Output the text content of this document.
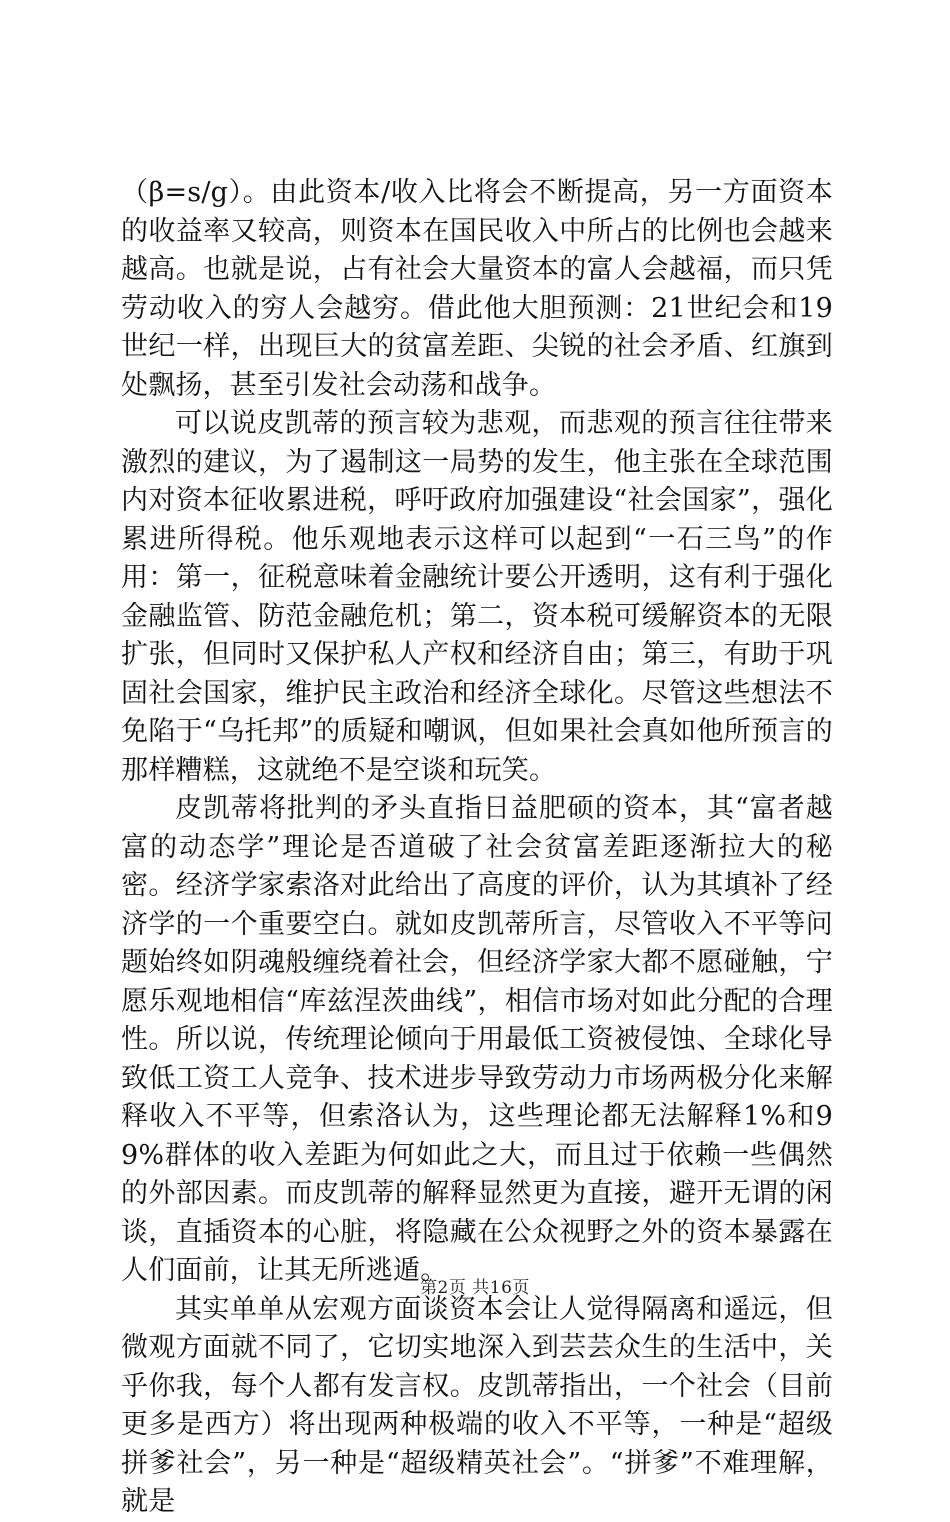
（β=s/g）。由此资本/收入比将会不断提高，另一方面资本的收益率又较高，则资本在国民收入中所占的比例也会越来越高。也就是说，占有社会大量资本的富人会越福，而只凭劳动收入的穷人会越穷。借此他大胆预测：21世纪会和19世纪一样，出现巨大的贫富差距、尖锐的社会矛盾、红旗到处飘扬，甚至引发社会动荡和战争。

可以说皮凯蒂的预言较为悲观，而悲观的预言往往带来激烈的建议，为了遏制这一局势的发生，他主张在全球范围内对资本征收累进税，呼吁政府加强建设“社会国家”，强化累进所得税。他乐观地表示这样可以起到“一石三鸟”的作用：第一，征税意味着金融统计要公开透明，这有利于强化金融监管、防范金融危机；第二，资本税可缓解资本的无限扩张，但同时又保护私人产权和经济自由；第三，有助于巩固社会国家，维护民主政治和经济全球化。尽管这些想法不免陷于“乌托邦”的质疑和嘲讽，但如果社会真如他所预言的那样糟糕，这就绝不是空谈和玩笑。

皮凯蒂将批判的矛头直指日益肥硕的资本，其“富者越富的动态学”理论是否道破了社会贫富差距逐渐拉大的秘密。经济学家索洛对此给出了高度的评价，认为其填补了经济学的一个重要空白。就如皮凯蒂所言，尽管收入不平等问题始终如阴魂般缠绕着社会，但经济学家大都不愿碰触，宁愿乐观地相信“库兹涅茨曲线”，相信市场对如此分配的合理性。所以说，传统理论倾向于用最低工资被侵蚀、全球化导致低工资工人竞争、技术进步导致劳动力市场两极分化来解释收入不平等，但索洛认为，这些理论都无法解释1%和99%群体的收入差距为何如此之大，而且过于依赖一些偶然的外部因素。而皮凯蒂的解释显然更为直接，避开无谓的闲谈，直插资本的心脏，将隐藏在公众视野之外的资本暴露在人们面前，让其无所逃遁。

其实单单从宏观方面谈资本会让人觉得隔离和遥远，但微观方面就不同了，它切实地深入到芸芸众生的生活中，关乎你我，每个人都有发言权。皮凯蒂指出，一个社会（目前更多是西方）将出现两种极端的收入不平等，一种是“超级拼爹社会”，另一种是“超级精英社会”。“拼爹”不难理解，就是

第2页 共16页
